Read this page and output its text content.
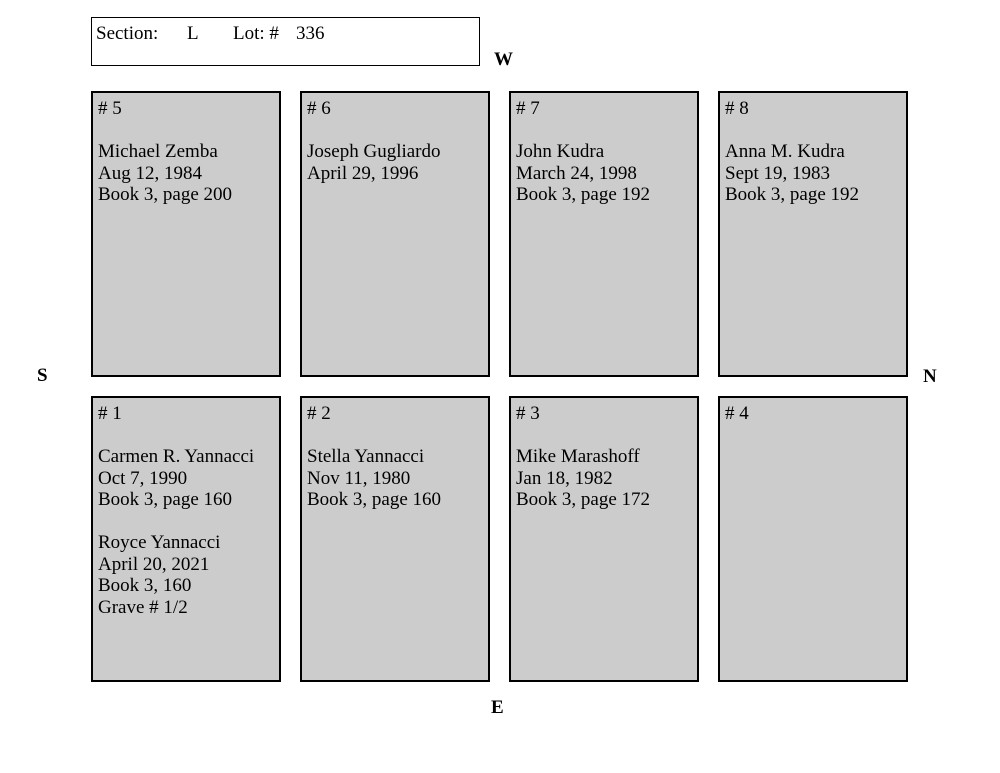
Section: L Lot: # 336
W
E
S	N
# 5
Michael Zemba
Aug 12, 1984
Book 3, page 200
# 6
Joseph Gugliardo
April 29, 1996
# 7
John Kudra
March 24, 1998
Book 3, page 192
# 8
Anna M. Kudra
Sept 19, 1983
Book 3, page 192
# 1
Carmen R. Yannacci
Oct 7, 1990
Book 3, page 160
Royce Yannacci
April 20, 2021
Book 3, 160
Grave # 1/2
# 2
Stella Yannacci
Nov 11, 1980
Book 3, page 160
# 3
Mike Marashoff
Jan 18, 1982
Book 3, page 172
# 4
